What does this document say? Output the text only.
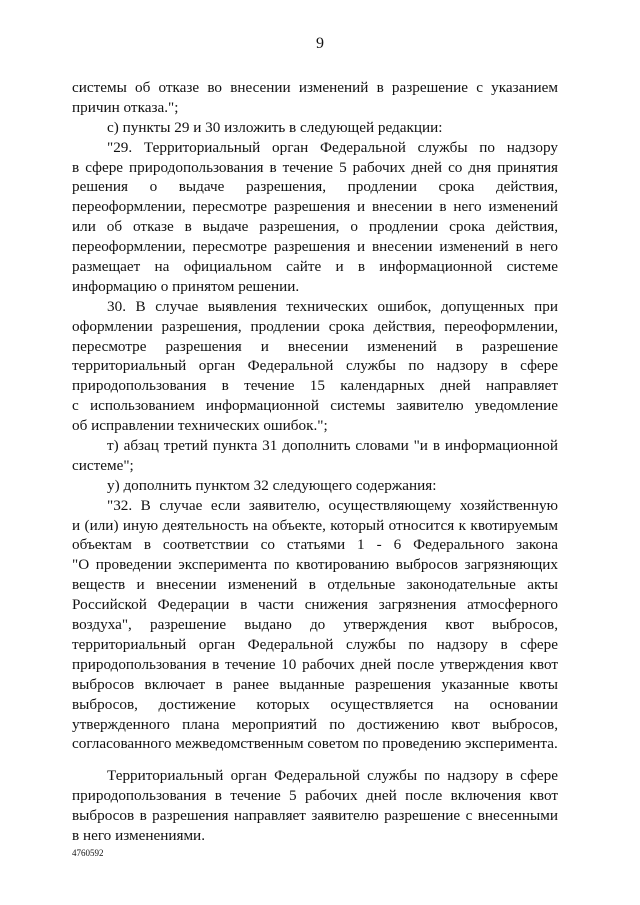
9
системы об отказе во внесении изменений в разрешение с указанием
причин отказа.";
с) пункты 29 и 30 изложить в следующей редакции:
"29. Территориальный орган Федеральной службы по надзору
в сфере природопользования в течение 5 рабочих дней со дня принятия
решения о выдаче разрешения, продлении срока действия,
переоформлении, пересмотре разрешения и внесении в него изменений
или об отказе в выдаче разрешения, о продлении срока действия,
переоформлении, пересмотре разрешения и внесении изменений в него
размещает на официальном сайте и в информационной системе
информацию о принятом решении.
30. В случае выявления технических ошибок, допущенных при
оформлении разрешения, продлении срока действия, переоформлении,
пересмотре разрешения и внесении изменений в разрешение
территориальный орган Федеральной службы по надзору в сфере
природопользования в течение 15 календарных дней направляет
с использованием информационной системы заявителю уведомление
об исправлении технических ошибок.";
т) абзац третий пункта 31 дополнить словами "и в информационной
системе";
у) дополнить пунктом 32 следующего содержания:
"32. В случае если заявителю, осуществляющему хозяйственную
и (или) иную деятельность на объекте, который относится к квотируемым
объектам в соответствии со статьями 1 - 6 Федерального закона
"О проведении эксперимента по квотированию выбросов загрязняющих
веществ и внесении изменений в отдельные законодательные акты
Российской Федерации в части снижения загрязнения атмосферного
воздуха", разрешение выдано до утверждения квот выбросов,
территориальный орган Федеральной службы по надзору в сфере
природопользования в течение 10 рабочих дней после утверждения квот
выбросов включает в ранее выданные разрешения указанные квоты
выбросов, достижение которых осуществляется на основании
утвержденного плана мероприятий по достижению квот выбросов,
согласованного межведомственным советом по проведению эксперимента.
Территориальный орган Федеральной службы по надзору в сфере
природопользования в течение 5 рабочих дней после включения квот
выбросов в разрешения направляет заявителю разрешение с внесенными
в него изменениями.
4760592
